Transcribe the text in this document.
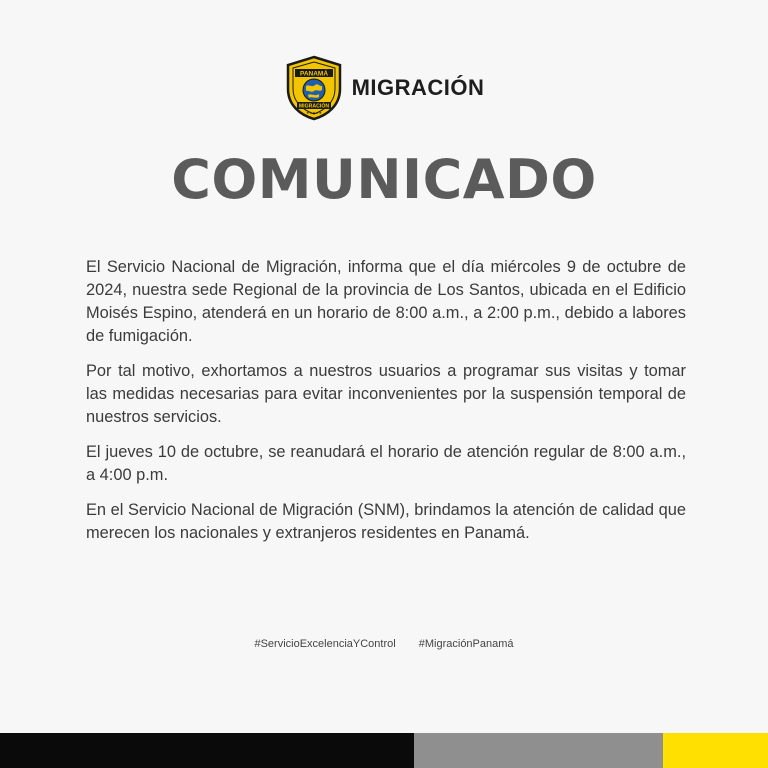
PANAMÁ
MIGRACIÓN
★★★★★
MIGRACIÓN
COMUNICADO

El Servicio Nacional de Migración, informa que el día miércoles 9 de octubre de 2024, nuestra sede Regional de la provincia de Los Santos, ubicada en el Edificio Moisés Espino, atenderá en un horario de 8:00 a.m., a 2:00 p.m., debido a labores de fumigación.

Por tal motivo, exhortamos a nuestros usuarios a programar sus visitas y tomar las medidas necesarias para evitar inconvenientes por la suspensión temporal de nuestros servicios.

El jueves 10 de octubre, se reanudará el horario de atención regular de 8:00 a.m., a 4:00 p.m.

En el Servicio Nacional de Migración (SNM), brindamos la atención de calidad que merecen los nacionales y extranjeros residentes en Panamá.

#ServicioExcelenciaYControl #MigraciónPanamá
